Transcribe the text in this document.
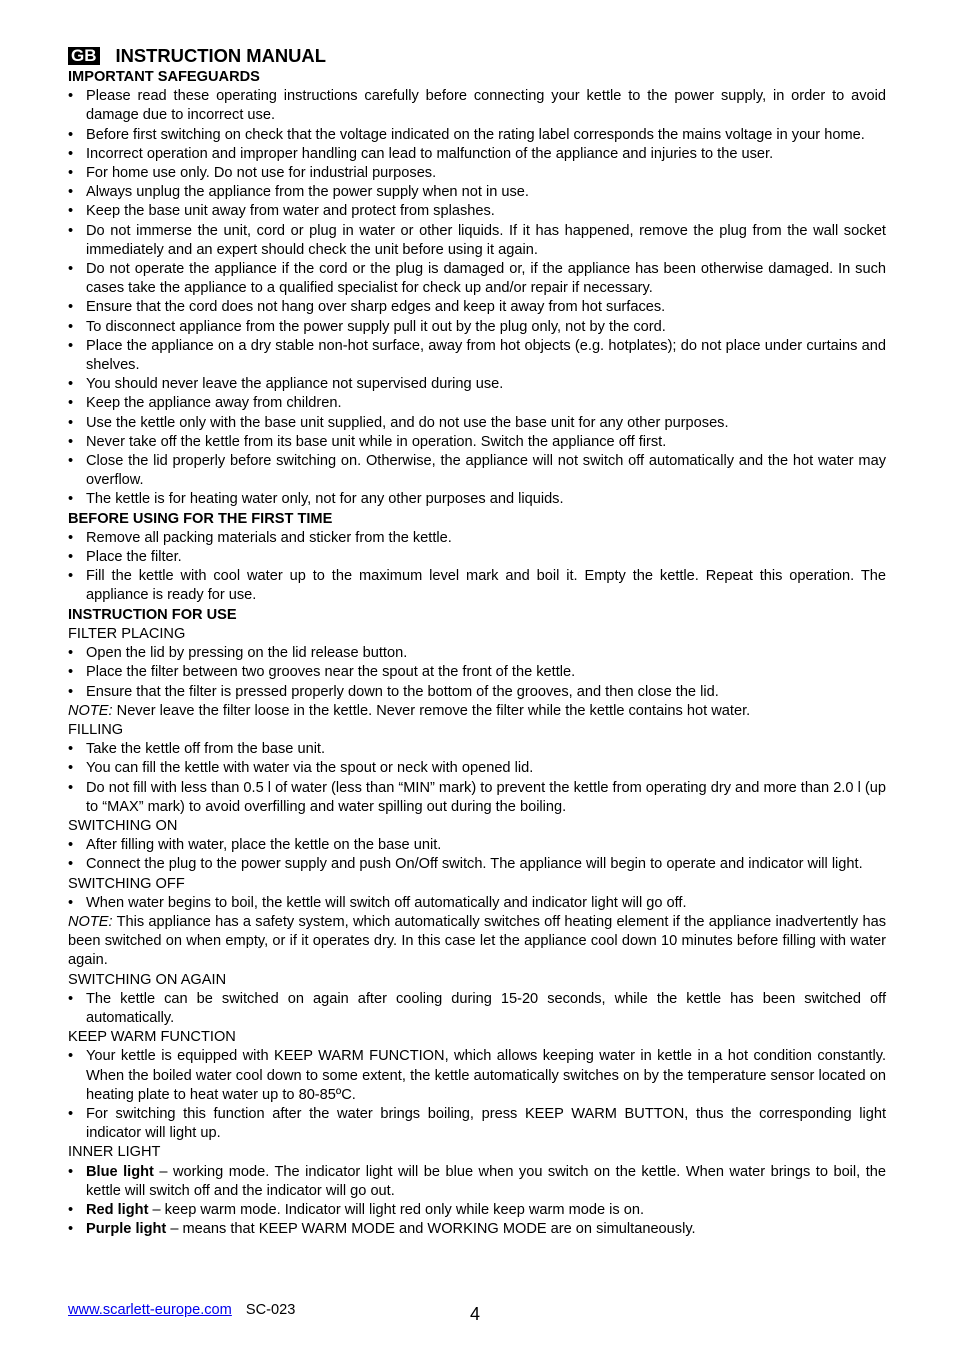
GB INSTRUCTION MANUAL
IMPORTANT SAFEGUARDS
• Please read these operating instructions carefully before connecting your kettle to the power supply, in order to avoid damage due to incorrect use.
• Before first switching on check that the voltage indicated on the rating label corresponds the mains voltage in your home.
• Incorrect operation and improper handling can lead to malfunction of the appliance and injuries to the user.
• For home use only. Do not use for industrial purposes.
• Always unplug the appliance from the power supply when not in use.
• Keep the base unit away from water and protect from splashes.
• Do not immerse the unit, cord or plug in water or other liquids. If it has happened, remove the plug from the wall socket immediately and an expert should check the unit before using it again.
• Do not operate the appliance if the cord or the plug is damaged or, if the appliance has been otherwise damaged. In such cases take the appliance to a qualified specialist for check up and/or repair if necessary.
• Ensure that the cord does not hang over sharp edges and keep it away from hot surfaces.
• To disconnect appliance from the power supply pull it out by the plug only, not by the cord.
• Place the appliance on a dry stable non-hot surface, away from hot objects (e.g. hotplates); do not place under curtains and shelves.
• You should never leave the appliance not supervised during use.
• Keep the appliance away from children.
• Use the kettle only with the base unit supplied, and do not use the base unit for any other purposes.
• Never take off the kettle from its base unit while in operation. Switch the appliance off first.
• Close the lid properly before switching on. Otherwise, the appliance will not switch off automatically and the hot water may overflow.
• The kettle is for heating water only, not for any other purposes and liquids.
BEFORE USING FOR THE FIRST TIME
• Remove all packing materials and sticker from the kettle.
• Place the filter.
• Fill the kettle with cool water up to the maximum level mark and boil it. Empty the kettle. Repeat this operation. The appliance is ready for use.
INSTRUCTION FOR USE
FILTER PLACING
• Open the lid by pressing on the lid release button.
• Place the filter between two grooves near the spout at the front of the kettle.
• Ensure that the filter is pressed properly down to the bottom of the grooves, and then close the lid.
NOTE: Never leave the filter loose in the kettle. Never remove the filter while the kettle contains hot water.
FILLING
• Take the kettle off from the base unit.
• You can fill the kettle with water via the spout or neck with opened lid.
• Do not fill with less than 0.5 l of water (less than “MIN” mark) to prevent the kettle from operating dry and more than 2.0 l (up to “MAX” mark) to avoid overfilling and water spilling out during the boiling.
SWITCHING ON
• After filling with water, place the kettle on the base unit.
• Connect the plug to the power supply and push On/Off switch. The appliance will begin to operate and indicator will light.
SWITCHING OFF
• When water begins to boil, the kettle will switch off automatically and indicator light will go off.
NOTE: This appliance has a safety system, which automatically switches off heating element if the appliance inadvertently has been switched on when empty, or if it operates dry. In this case let the appliance cool down 10 minutes before filling with water again.
SWITCHING ON AGAIN
• The kettle can be switched on again after cooling during 15-20 seconds, while the kettle has been switched off automatically.
KEEP WARM FUNCTION
• Your kettle is equipped with KEEP WARM FUNCTION, which allows keeping water in kettle in a hot condition constantly. When the boiled water cool down to some extent, the kettle automatically switches on by the temperature sensor located on heating plate to heat water up to 80-85ºC.
• For switching this function after the water brings boiling, press KEEP WARM BUTTON, thus the corresponding light indicator will light up.
INNER LIGHT
• Blue light – working mode. The indicator light will be blue when you switch on the kettle. When water brings to boil, the kettle will switch off and the indicator will go out.
• Red light – keep warm mode. Indicator will light red only while keep warm mode is on.
• Purple light – means that KEEP WARM MODE and WORKING MODE are on simultaneously.
www.scarlett-europe.com SC-023	4
